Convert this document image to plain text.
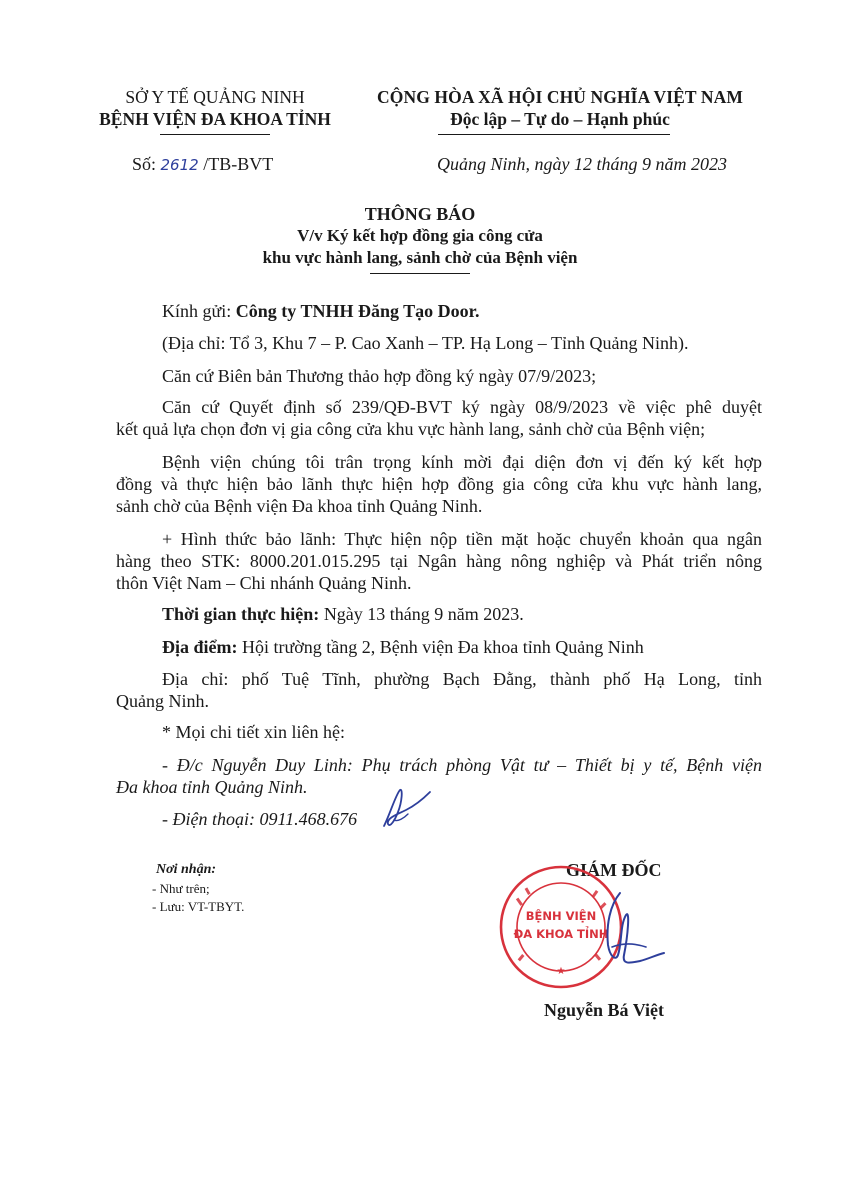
SỞ Y TẾ QUẢNG NINH
BỆNH VIỆN ĐA KHOA TỈNH
CỘNG HÒA XÃ HỘI CHỦ NGHĨA VIỆT NAM
Độc lập – Tự do – Hạnh phúc
Số: 2612 /TB-BVT	Quảng Ninh, ngày 12 tháng 9 năm 2023
THÔNG BÁO
V/v Ký kết hợp đồng gia công cửa
khu vực hành lang, sảnh chờ của Bệnh viện
Kính gửi: Công ty TNHH Đăng Tạo Door.
(Địa chỉ: Tổ 3, Khu 7 – P. Cao Xanh – TP. Hạ Long – Tỉnh Quảng Ninh).
Căn cứ Biên bản Thương thảo hợp đồng ký ngày 07/9/2023;
Căn cứ Quyết định số 239/QĐ-BVT ký ngày 08/9/2023 về việc phê duyệt
kết quả lựa chọn đơn vị gia công cửa khu vực hành lang, sảnh chờ của Bệnh viện;
Bệnh viện chúng tôi trân trọng kính mời đại diện đơn vị đến ký kết hợp
đồng và thực hiện bảo lãnh thực hiện hợp đồng gia công cửa khu vực hành lang,
sảnh chờ của Bệnh viện Đa khoa tỉnh Quảng Ninh.
+ Hình thức bảo lãnh: Thực hiện nộp tiền mặt hoặc chuyển khoản qua ngân
hàng theo STK: 8000.201.015.295 tại Ngân hàng nông nghiệp và Phát triển nông
thôn Việt Nam – Chi nhánh Quảng Ninh.
Thời gian thực hiện: Ngày 13 tháng 9 năm 2023.
Địa điểm: Hội trường tầng 2, Bệnh viện Đa khoa tỉnh Quảng Ninh
Địa chỉ: phố Tuệ Tĩnh, phường Bạch Đằng, thành phố Hạ Long, tỉnh
Quảng Ninh.
* Mọi chi tiết xin liên hệ:
- Đ/c Nguyễn Duy Linh: Phụ trách phòng Vật tư – Thiết bị y tế, Bệnh viện
Đa khoa tỉnh Quảng Ninh.
- Điện thoại: 0911.468.676
Nơi nhận:
- Như trên;
- Lưu: VT-TBYT.
GIÁM ĐỐC
BỆNH VIỆN
ĐA KHOA TỈNH
★
Nguyễn Bá Việt
